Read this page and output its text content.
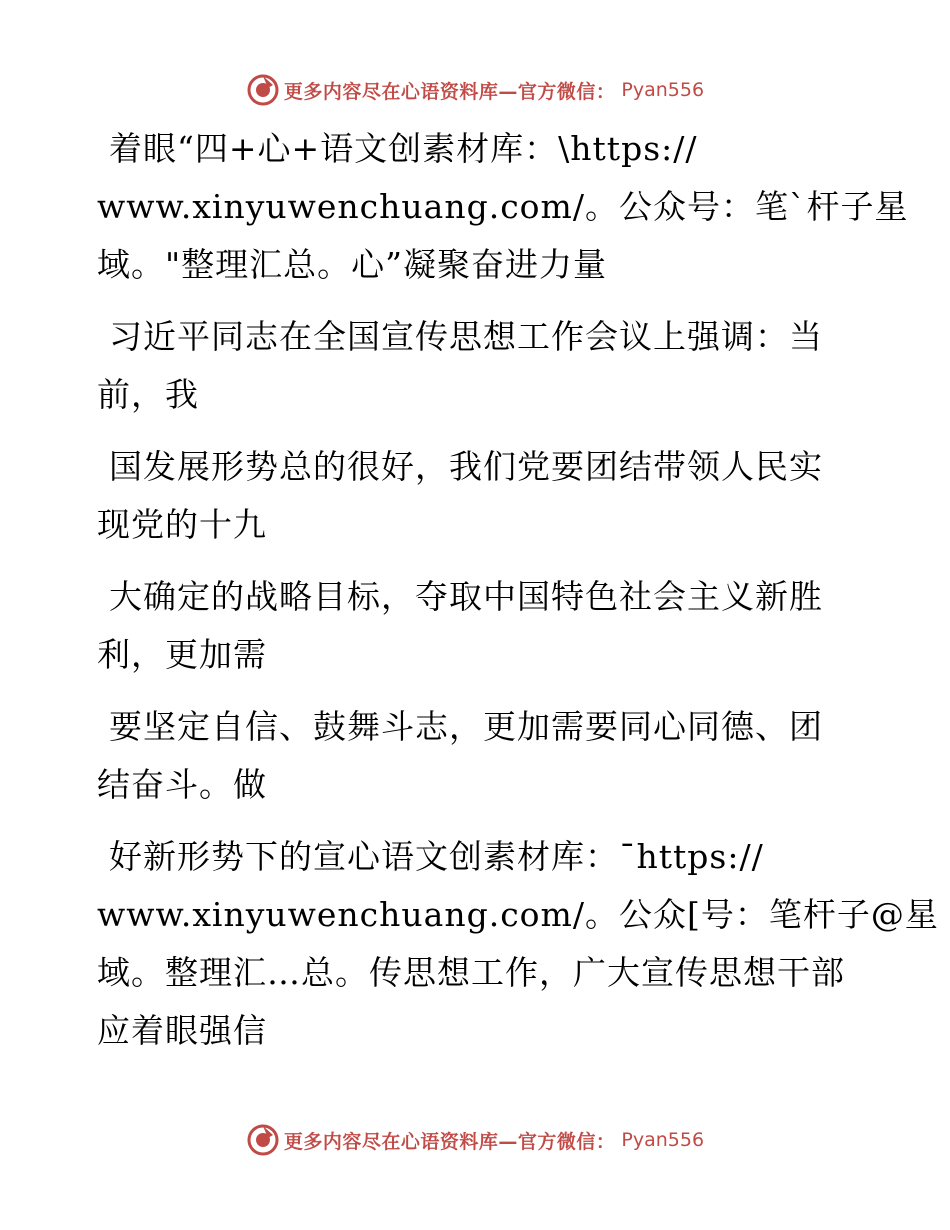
更多内容尽在心语资料库—官方微信： Pyan556

着眼“四+心+语文创素材库：\https://
www.xinyuwenchuang.com/。公众号：笔`杆子星
域。"整理汇总。心”凝聚奋进力量

习近平同志在全国宣传思想工作会议上强调：当
前，我

国发展形势总的很好，我们党要团结带领人民实
现党的十九

大确定的战略目标，夺取中国特色社会主义新胜
利，更加需

要坚定自信、鼓舞斗志，更加需要同心同德、团
结奋斗。做

好新形势下的宣心语文创素材库：¯https://
www.xinyuwenchuang.com/。公众[号：笔杆子@星
域。整理汇…总。传思想工作，广大宣传思想干部
应着眼强信

更多内容尽在心语资料库—官方微信： Pyan556
